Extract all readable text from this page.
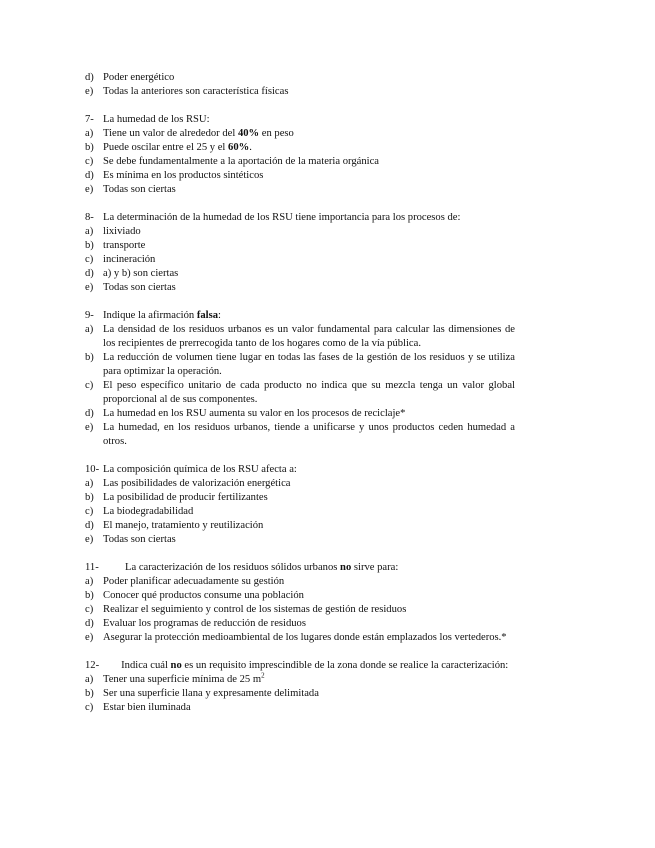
d) Poder energético
e) Todas la anteriores son característica físicas
7- La humedad de los RSU:
a) Tiene un valor de alrededor del 40% en peso
b) Puede oscilar entre el 25 y el 60%.
c) Se debe fundamentalmente a la aportación de la materia orgánica
d) Es mínima en los productos sintéticos
e) Todas son ciertas
8- La determinación de la humedad de los RSU tiene importancia para los procesos de:
a) lixiviado
b) transporte
c) incineración
d) a) y b) son ciertas
e) Todas son ciertas
9- Indique la afirmación falsa:
a) La densidad de los residuos urbanos es un valor fundamental para calcular las dimensiones de los recipientes de prerrecogida tanto de los hogares como de la vía pública.
b) La reducción de volumen tiene lugar en todas las fases de la gestión de los residuos y se utiliza para optimizar la operación.
c) El peso específico unitario de cada producto no indica que su mezcla tenga un valor global proporcional al de sus componentes.
d) La humedad en los RSU aumenta su valor en los procesos de reciclaje*
e) La humedad, en los residuos urbanos, tiende a unificarse y unos productos ceden humedad a otros.
10- La composición química de los RSU afecta a:
a) Las posibilidades de valorización energética
b) La posibilidad de producir fertilizantes
c) La biodegradabilidad
d) El manejo, tratamiento y reutilización
e) Todas son ciertas
11- La caracterización de los residuos sólidos urbanos no sirve para:
a) Poder planificar adecuadamente su gestión
b) Conocer qué productos consume una población
c) Realizar el seguimiento y control de los sistemas de gestión de residuos
d) Evaluar los programas de reducción de residuos
e) Asegurar la protección medioambiental de los lugares donde están emplazados los vertederos.*
12- Indica cuál no es un requisito imprescindible de la zona donde se realice la caracterización:
a) Tener una superficie mínima de 25 $m^2$
b) Ser una superficie llana y expresamente delimitada
c) Estar bien iluminada
